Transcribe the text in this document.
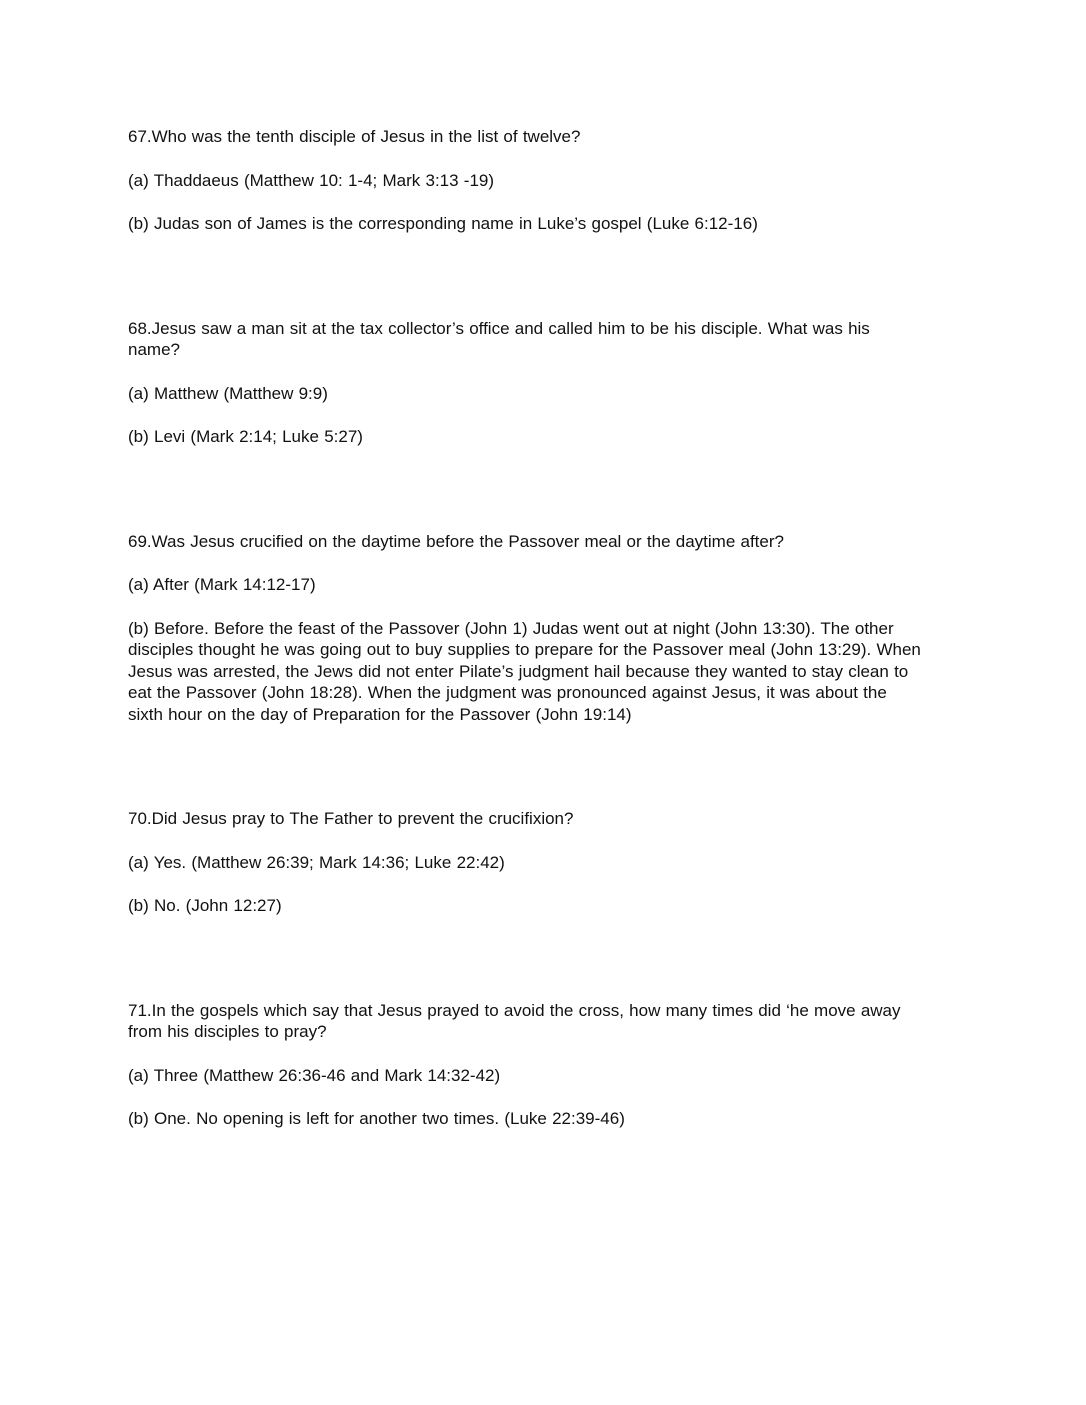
67.Who was the tenth disciple of Jesus in the list of twelve?

(a) Thaddaeus (Matthew 10: 1-4; Mark 3:13 -19)

(b) Judas son of James is the corresponding name in Luke’s gospel (Luke 6:12-16)

68.Jesus saw a man sit at the tax collector’s office and called him to be his disciple. What was his name?

(a) Matthew (Matthew 9:9)

(b) Levi (Mark 2:14; Luke 5:27)

69.Was Jesus crucified on the daytime before the Passover meal or the daytime after?

(a) After (Mark 14:12-17)

(b) Before. Before the feast of the Passover (John 1) Judas went out at night (John 13:30). The other disciples thought he was going out to buy supplies to prepare for the Passover meal (John 13:29). When Jesus was arrested, the Jews did not enter Pilate’s judgment hail because they wanted to stay clean to eat the Passover (John 18:28). When the judgment was pronounced against Jesus, it was about the sixth hour on the day of Preparation for the Passover (John 19:14)

70.Did Jesus pray to The Father to prevent the crucifixion?

(a) Yes. (Matthew 26:39; Mark 14:36; Luke 22:42)

(b) No. (John 12:27)

71.In the gospels which say that Jesus prayed to avoid the cross, how many times did ‘he move away from his disciples to pray?

(a) Three (Matthew 26:36-46 and Mark 14:32-42)

(b) One. No opening is left for another two times. (Luke 22:39-46)
